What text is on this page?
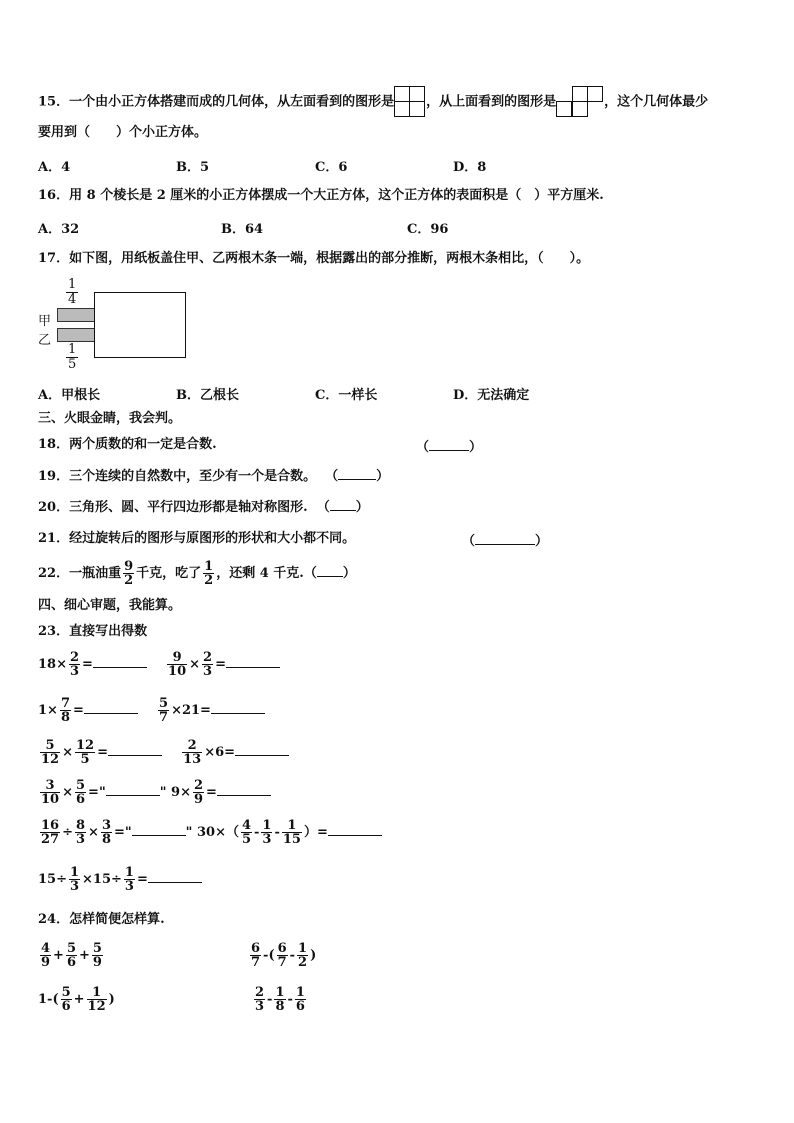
15．一个由小正方体搭建而成的几何体，从左面看到的图形是 ，从上面看到的图形是	，这个几何体最少
要用到（　　）个小正方体。
A．4	B．5	C．6	D．8
16．用 8 个棱长是 2 厘米的小正方体摆成一个大正方体，这个正方体的表面积是（　）平方厘米.
A．32	B．64	C．96
17．如下图，用纸板盖住甲、乙两根木条一端，根据露出的部分推断，两根木条相比，（　　）。
1
4
甲
乙
1
5
A．甲根长	B．乙根长	C．一样长	D．无法确定
三、火眼金睛，我会判。
18．两个质数的和一定是合数.	（	）
19．三个连续的自然数中，至少有一个是合数。 （	）
20．三角形、圆、平行四边形都是轴对称图形. （ ）
21．经过旋转后的图形与原图形的形状和大小都不同。	（	）
22．一瓶油重 $\frac{9}{2}$ 千克，吃了 $\frac{1}{2}$ ，还剩 4 千克.（ ）
四、细心审题，我能算。
23．直接写出得数
$18\times \frac{2}{3}$ =	$\frac{9}{10} \times \frac{2}{3}$ =
$1\times \frac{7}{8}$ =	$\frac{5}{7} \times 21=$
$\frac{5}{12} \times \frac{12}{5}$ =	$\frac{2}{13} \times 6=$
$\frac{3}{10} \times \frac{5}{6}$ ="	" $9\times \frac{2}{9}$ =
$\frac{16}{27} \div \frac{8}{3} \times \frac{3}{8}$ ="	" $30\times( \frac{4}{5} - \frac{1}{3} - \frac{1}{15}$ ）=
$15\div \frac{1}{3} \times 15\div \frac{1}{3}$ =
24．怎样简便怎样算.
$\frac{4}{9} + \frac{5}{6} + \frac{5}{9}$	$\frac{6}{7}$ -( $\frac{6}{7} - \frac{1}{2}$ )
$1-( \frac{5}{6} + \frac{1}{12}$ )	$\frac{2}{3} - \frac{1}{8} - \frac{1}{6}$
